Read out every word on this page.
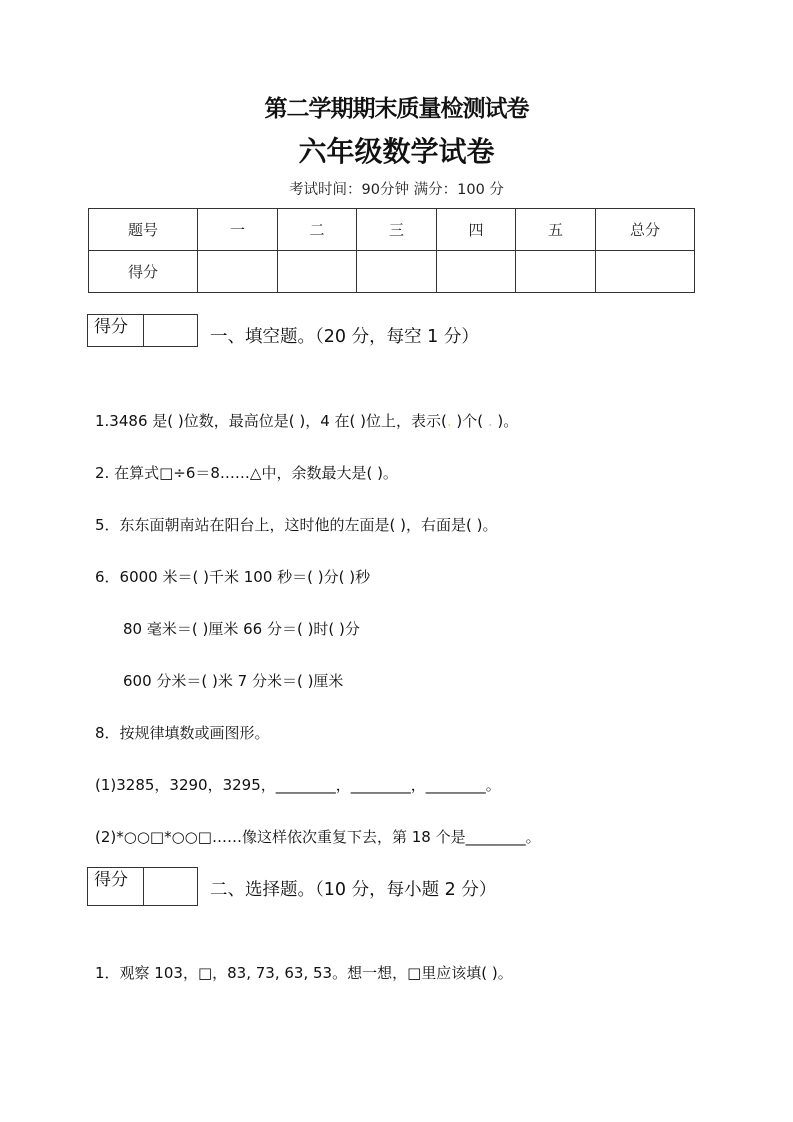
第二学期期末质量检测试卷
六年级数学试卷
考试时间：90分钟 满分：100 分
题号	一	二	三	四	五	总分
得分						
得分	一、填空题。（20 分，每空 1 分）
1.3486 是( )位数，最高位是( )，4 在( )位上，表示(. )个( . )。
2. 在算式□÷6＝8……△中，余数最大是( )。
5．东东面朝南站在阳台上，这时他的左面是( )，右面是( )。
6．6000 米＝( )千米 100 秒＝( )分( )秒
80 毫米＝( )厘米 66 分＝( )时( )分
600 分米＝( )米 7 分米＝( )厘米
8．按规律填数或画图形。
(1)3285，3290，3295，________，________，________。
(2)*○○□*○○□……像这样依次重复下去，第 18 个是________。
得分	二、选择题。（10 分，每小题 2 分）
1．观察 103，□，83, 73, 63, 53。想一想，□里应该填( )。
